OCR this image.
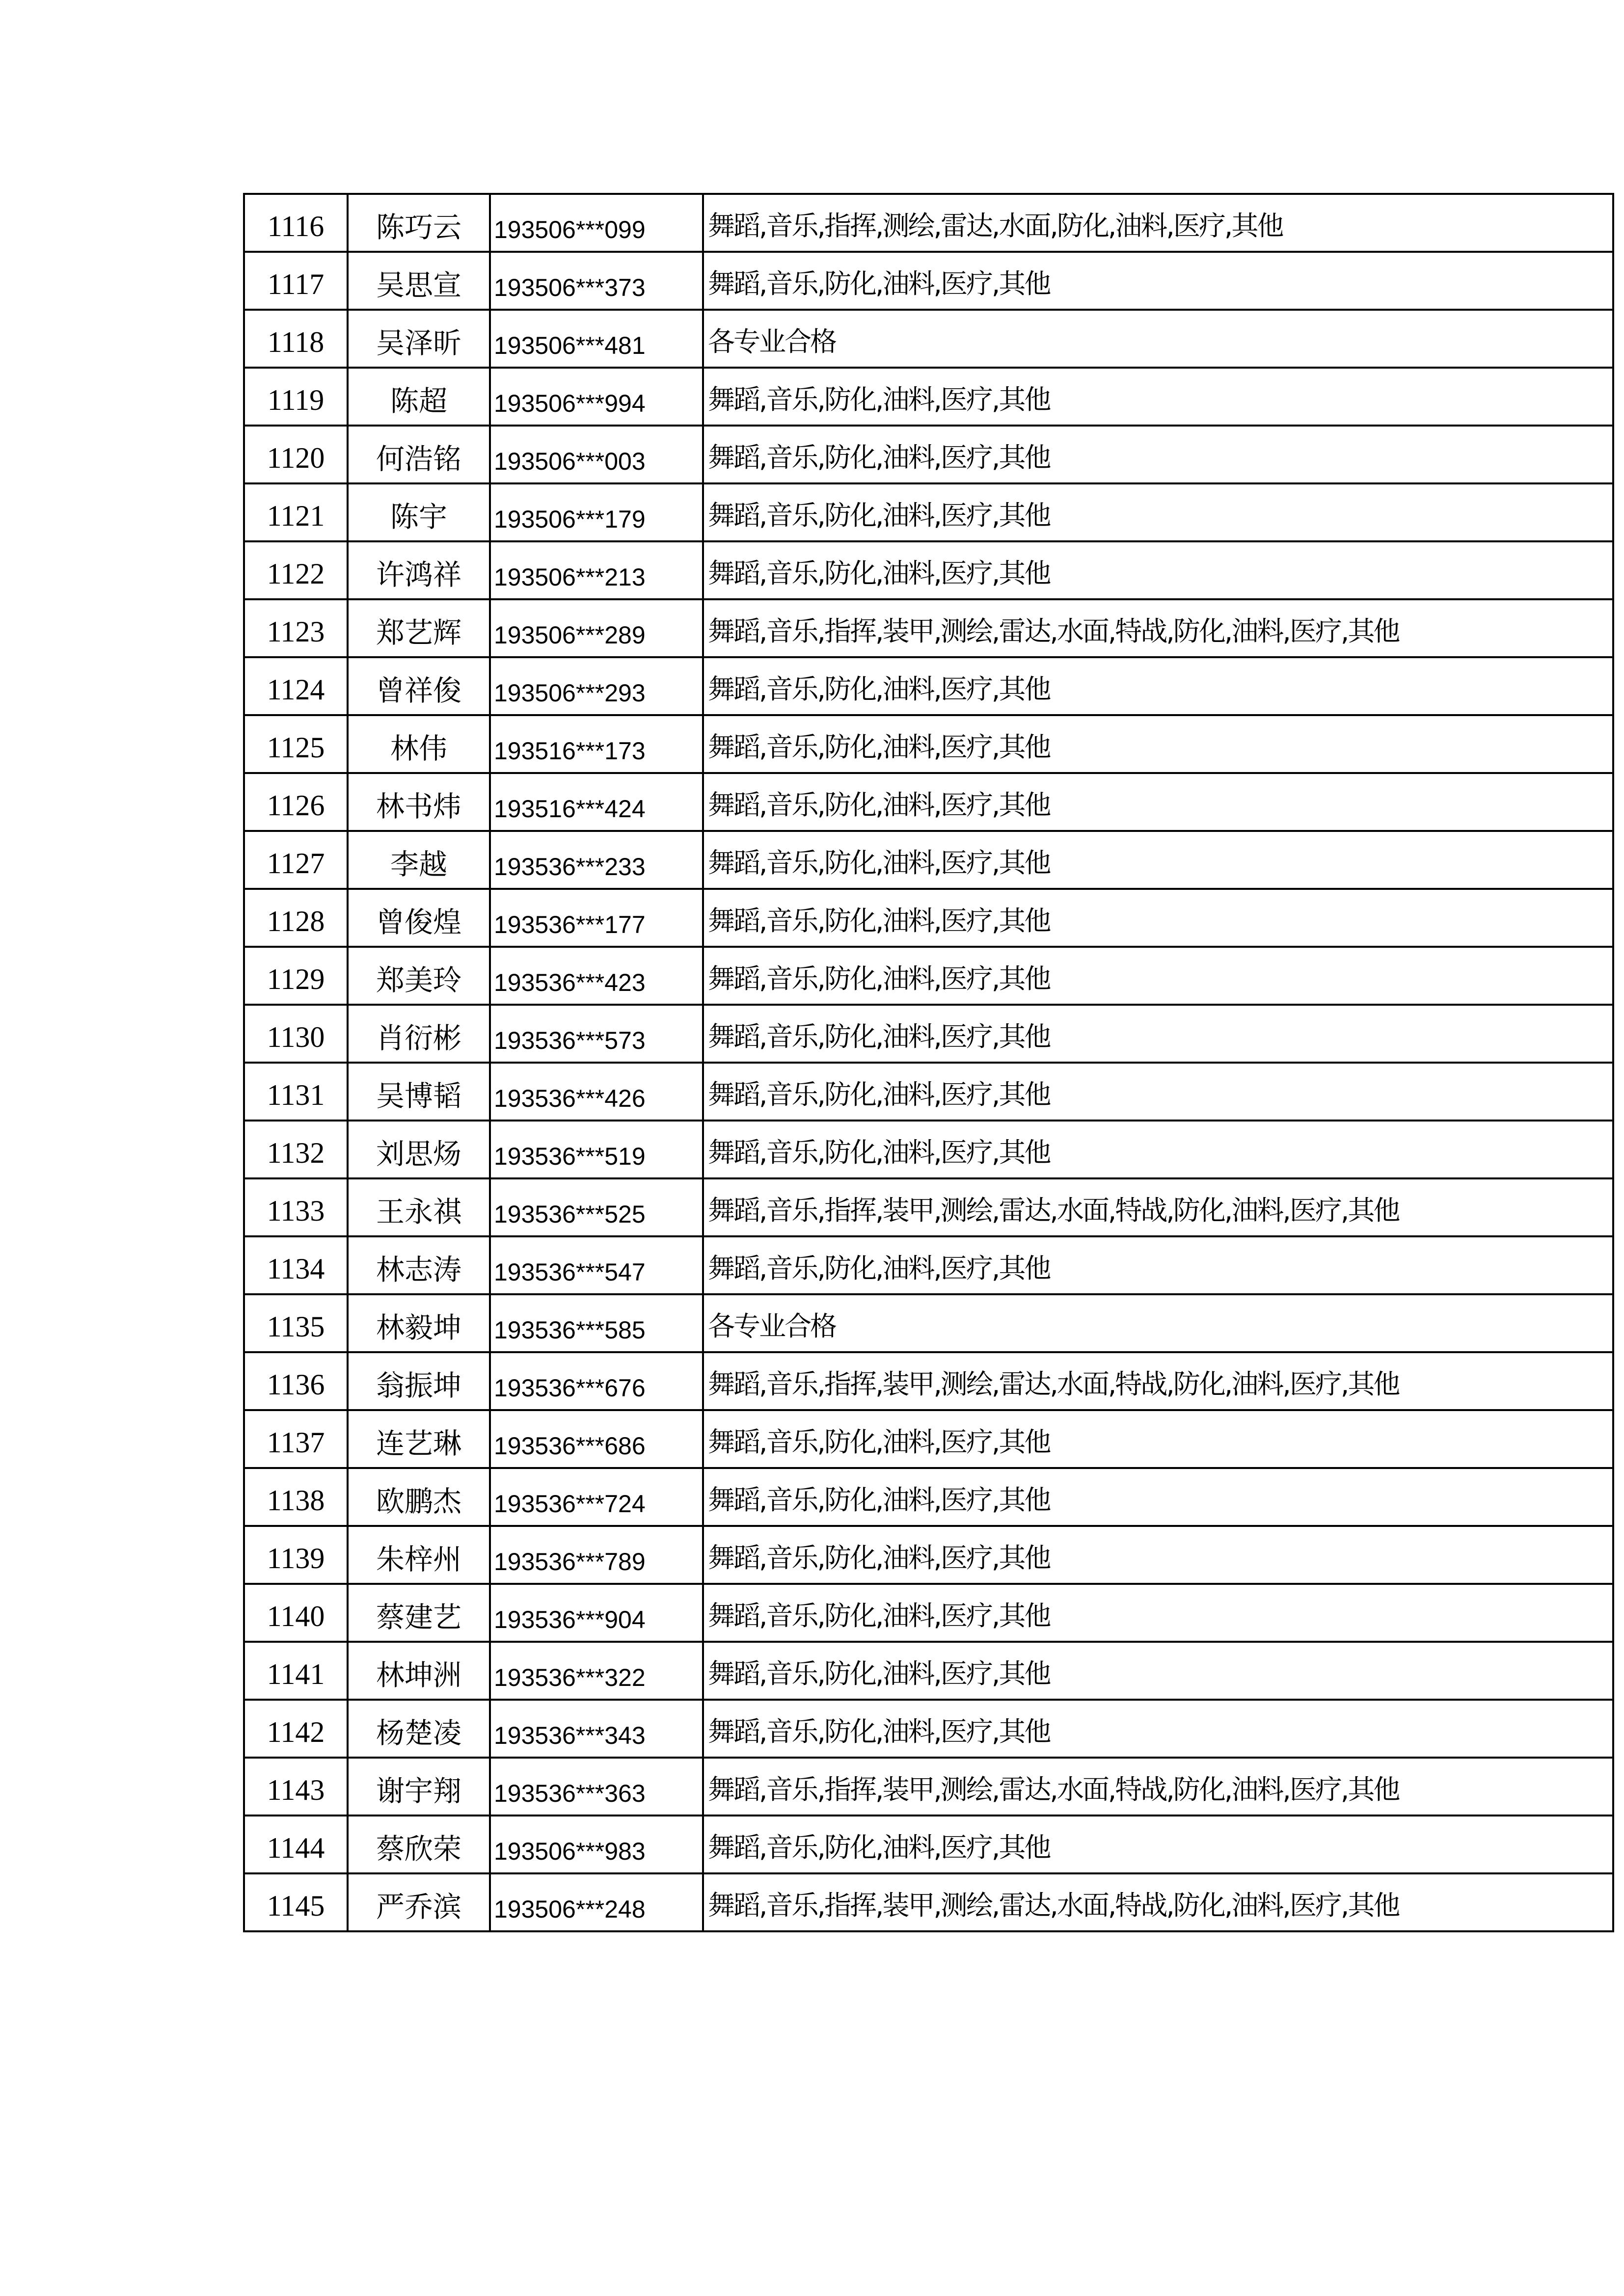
1116	陈巧云	193506***099	舞蹈,音乐,指挥,测绘,雷达,水面,防化,油料,医疗,其他
1117	吴思宣	193506***373	舞蹈,音乐,防化,油料,医疗,其他
1118	吴泽昕	193506***481	各专业合格
1119	陈超	193506***994	舞蹈,音乐,防化,油料,医疗,其他
1120	何浩铭	193506***003	舞蹈,音乐,防化,油料,医疗,其他
1121	陈宇	193506***179	舞蹈,音乐,防化,油料,医疗,其他
1122	许鸿祥	193506***213	舞蹈,音乐,防化,油料,医疗,其他
1123	郑艺辉	193506***289	舞蹈,音乐,指挥,装甲,测绘,雷达,水面,特战,防化,油料,医疗,其他
1124	曾祥俊	193506***293	舞蹈,音乐,防化,油料,医疗,其他
1125	林伟	193516***173	舞蹈,音乐,防化,油料,医疗,其他
1126	林书炜	193516***424	舞蹈,音乐,防化,油料,医疗,其他
1127	李越	193536***233	舞蹈,音乐,防化,油料,医疗,其他
1128	曾俊煌	193536***177	舞蹈,音乐,防化,油料,医疗,其他
1129	郑美玲	193536***423	舞蹈,音乐,防化,油料,医疗,其他
1130	肖衍彬	193536***573	舞蹈,音乐,防化,油料,医疗,其他
1131	吴博韬	193536***426	舞蹈,音乐,防化,油料,医疗,其他
1132	刘思炀	193536***519	舞蹈,音乐,防化,油料,医疗,其他
1133	王永祺	193536***525	舞蹈,音乐,指挥,装甲,测绘,雷达,水面,特战,防化,油料,医疗,其他
1134	林志涛	193536***547	舞蹈,音乐,防化,油料,医疗,其他
1135	林毅坤	193536***585	各专业合格
1136	翁振坤	193536***676	舞蹈,音乐,指挥,装甲,测绘,雷达,水面,特战,防化,油料,医疗,其他
1137	连艺琳	193536***686	舞蹈,音乐,防化,油料,医疗,其他
1138	欧鹏杰	193536***724	舞蹈,音乐,防化,油料,医疗,其他
1139	朱梓州	193536***789	舞蹈,音乐,防化,油料,医疗,其他
1140	蔡建艺	193536***904	舞蹈,音乐,防化,油料,医疗,其他
1141	林坤洲	193536***322	舞蹈,音乐,防化,油料,医疗,其他
1142	杨楚凌	193536***343	舞蹈,音乐,防化,油料,医疗,其他
1143	谢宇翔	193536***363	舞蹈,音乐,指挥,装甲,测绘,雷达,水面,特战,防化,油料,医疗,其他
1144	蔡欣荣	193506***983	舞蹈,音乐,防化,油料,医疗,其他
1145	严乔滨	193506***248	舞蹈,音乐,指挥,装甲,测绘,雷达,水面,特战,防化,油料,医疗,其他
